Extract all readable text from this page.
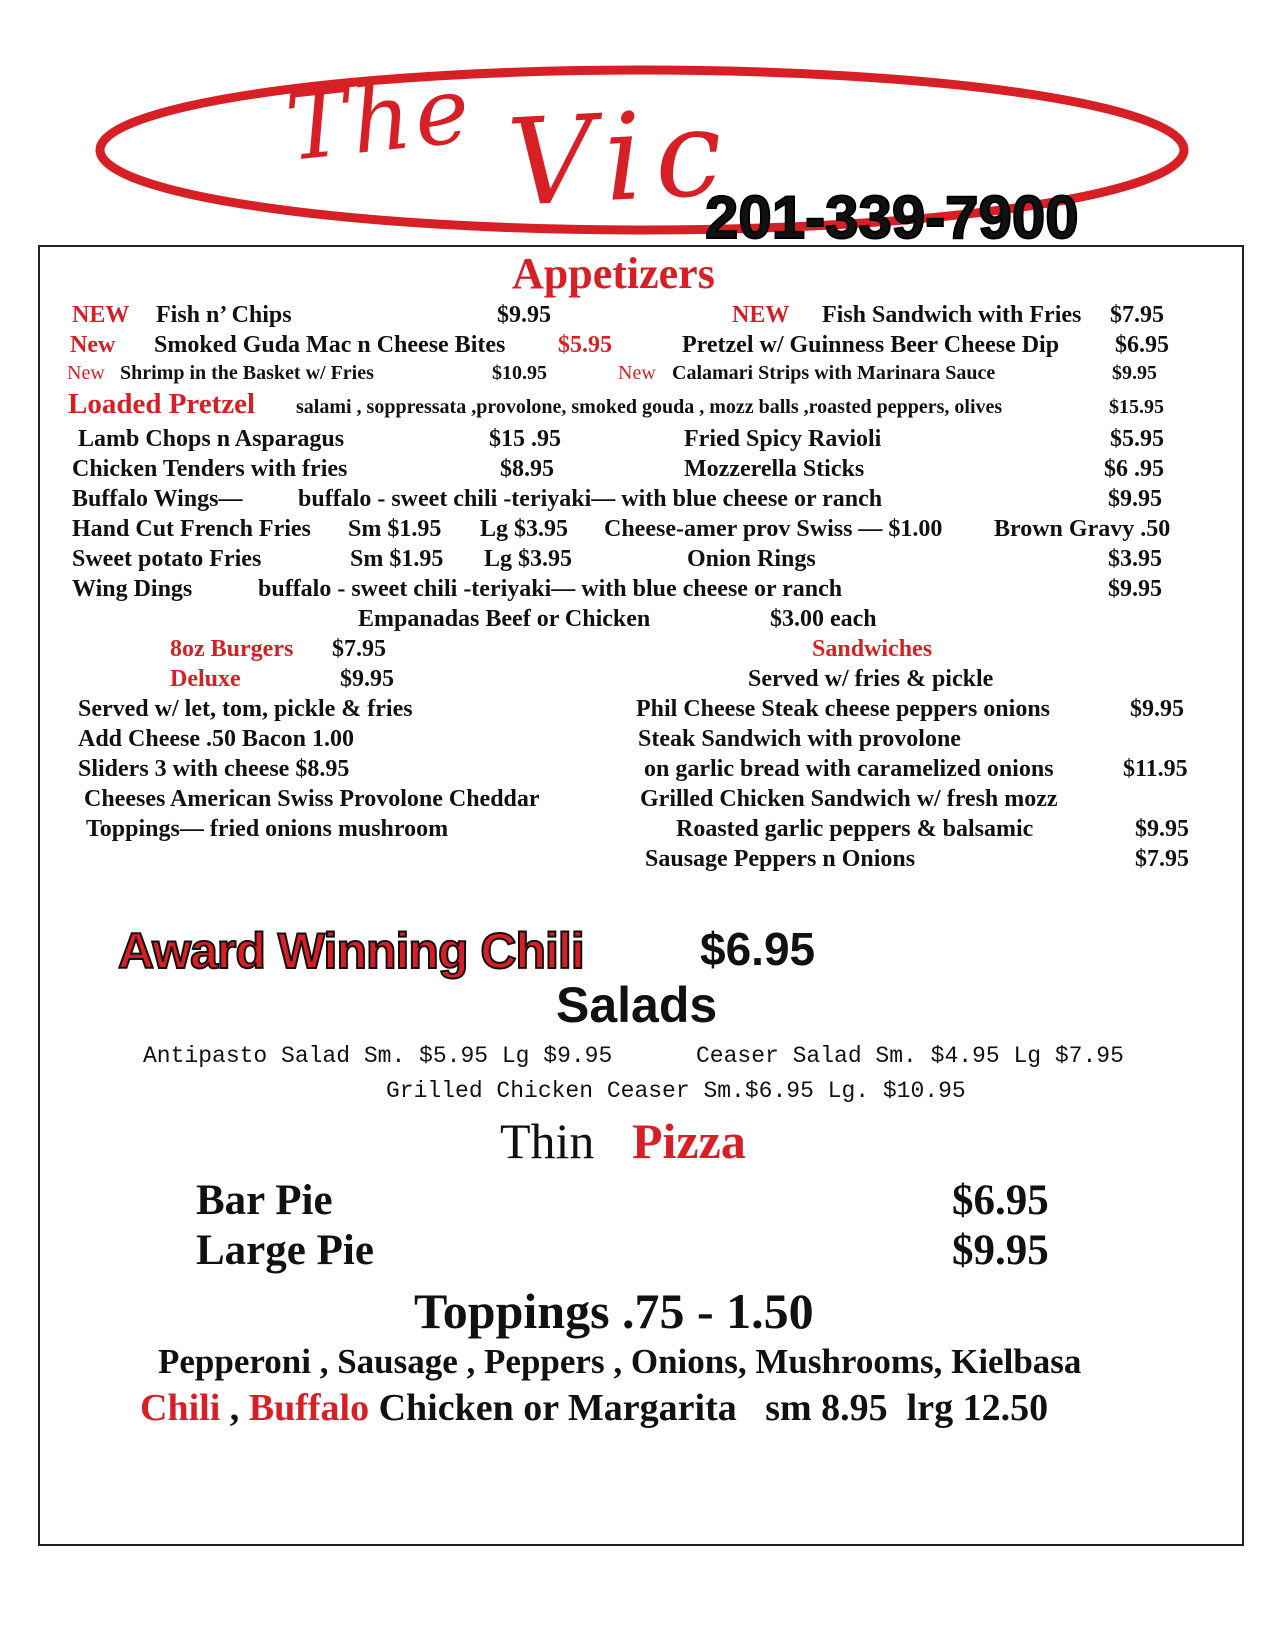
The Vic
201-339-7900
Appetizers
NEW Fish n’ Chips	$9.95	NEW Fish Sandwich with Fries $7.95
New Smoked Guda Mac n Cheese Bites $5.95	Pretzel w/ Guinness Beer Cheese Dip $6.95
New Shrimp in the Basket w/ Fries	$10.95	New Calamari Strips with Marinara Sauce	$9.95
Loaded Pretzel salami , soppressata ,provolone, smoked gouda , mozz balls ,roasted peppers, olives	$15.95
Lamb Chops n Asparagus	$15 .95	Fried Spicy Ravioli	$5.95
Chicken Tenders with fries	$8.95	Mozzerella Sticks	$6 .95
Buffalo Wings— buffalo - sweet chili -teriyaki— with blue cheese or ranch	$9.95
Hand Cut French Fries Sm $1.95 Lg $3.95 Cheese-amer prov Swiss — $1.00 Brown Gravy .50
Sweet potato Fries	Sm $1.95 Lg $3.95	Onion Rings	$3.95
Wing Dings	buffalo - sweet chili -teriyaki— with blue cheese or ranch	$9.95
Empanadas Beef or Chicken	$3.00 each
8oz Burgers $7.95
Deluxe	$9.95
Served w/ let, tom, pickle & fries
Add Cheese .50 Bacon 1.00
Sliders 3 with cheese $8.95
Cheeses American Swiss Provolone Cheddar
Toppings— fried onions mushroom
Sandwiches
Served w/ fries & pickle
Phil Cheese Steak cheese peppers onions	$9.95
Steak Sandwich with provolone
on garlic bread with caramelized onions	$11.95
Grilled Chicken Sandwich w/ fresh mozz
Roasted garlic peppers & balsamic	$9.95
Sausage Peppers n Onions	$7.95
Award Winning Chili	$6.95
Salads
Antipasto Salad Sm. $5.95 Lg $9.95	Ceaser Salad Sm. $4.95 Lg $7.95
Grilled Chicken Ceaser Sm.$6.95 Lg. $10.95
Thin Pizza
Bar Pie	$6.95
Large Pie	$9.95
Toppings .75 - 1.50
Pepperoni , Sausage , Peppers , Onions, Mushrooms, Kielbasa
Chili , Buffalo Chicken or Margarita   sm 8.95  lrg 12.50
